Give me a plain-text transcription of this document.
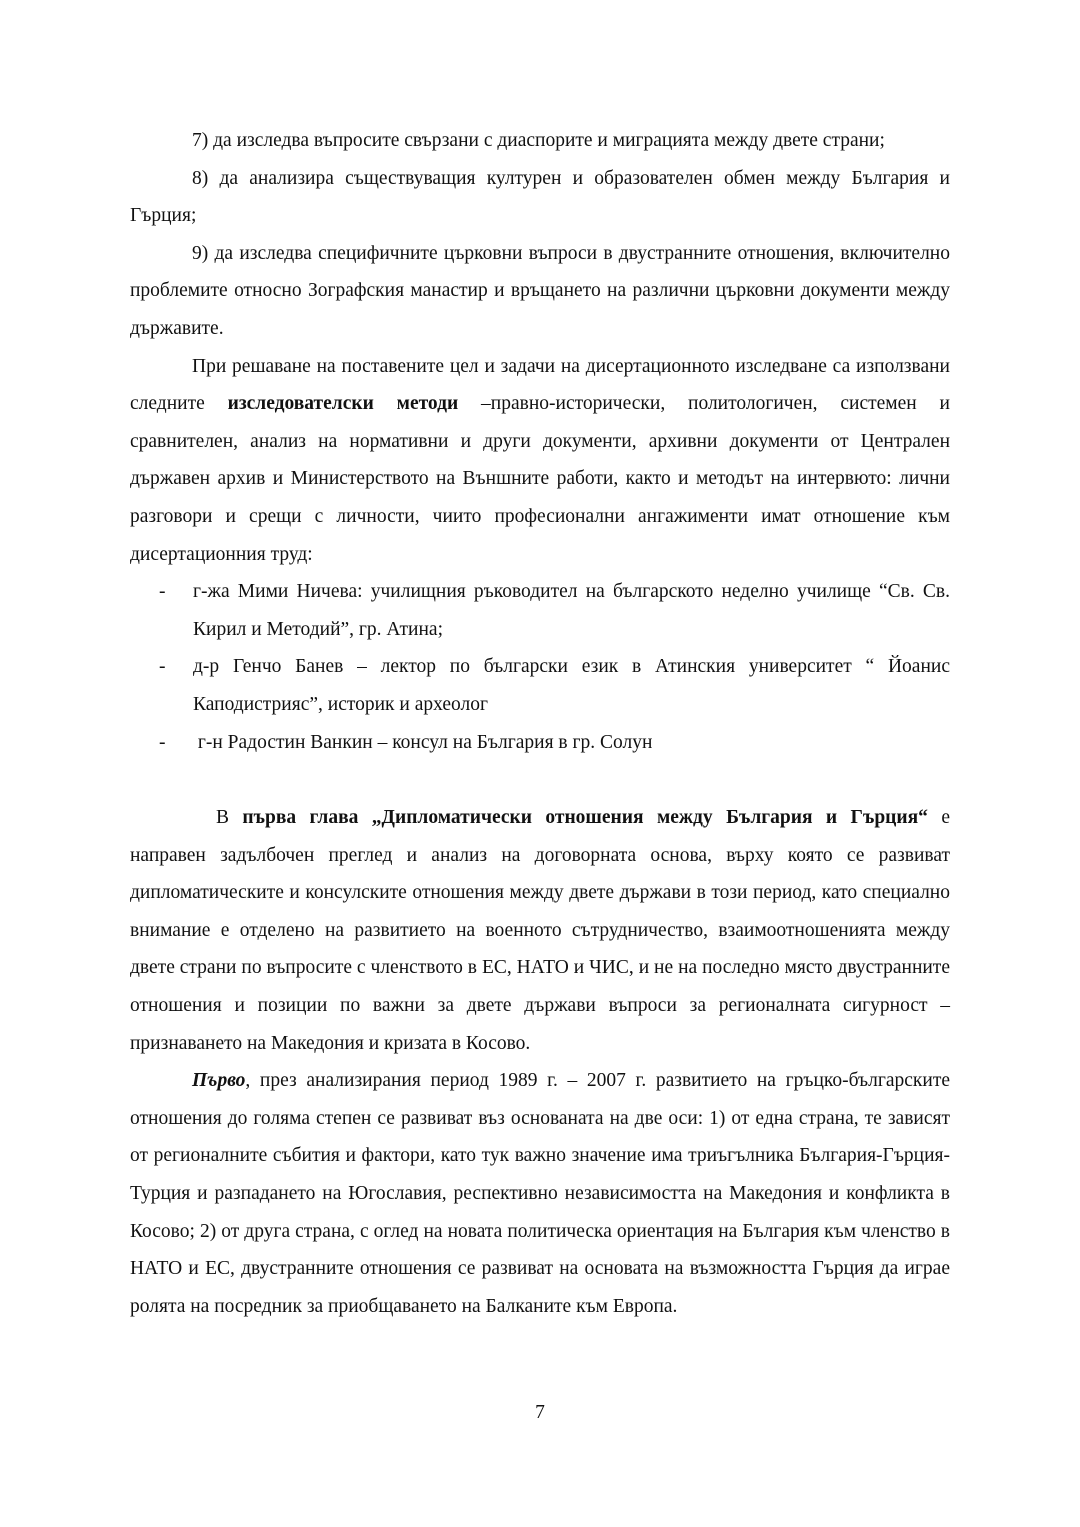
7) да изследва въпросите свързани с диаспорите и миграцията между двете страни;

8) да анализира съществуващия културен и образователен обмен между България и Гърция;

9) да изследва специфичните църковни въпроси в двустранните отношения, включително проблемите относно Зографския манастир и връщането на различни църковни документи между държавите.

При решаване на поставените цел и задачи на дисертационното изследване са използвани следните изследователски методи –правно-исторически, политологичен, системен и сравнителен, анализ на нормативни и други документи, архивни документи от Централен държавен архив и Министерството на Външните работи, както и методът на интервюто: лични разговори и срещи с личности, чиито професионални ангажименти имат отношение към дисертационния труд:

- г-жа Мими Ничева: училищния ръководител на българското неделно училище “Св. Св. Кирил и Методий”, гр. Атина;
- д-р Генчо Банев – лектор по български език в Атинския университет “ Йоанис Каподистрияс”, историк и археолог
- г-н Радостин Ванкин – консул на България в гр. Солун

В първа глава „Дипломатически отношения между България и Гърция“ е направен задълбочен преглед и анализ на договорната основа, върху която се развиват дипломатическите и консулските отношения между двете държави в този период, като специално внимание е отделено на развитието на военното сътрудничество, взаимоотношенията между двете страни по въпросите с членството в ЕС, НАТО и ЧИС, и не на последно място двустранните отношения и позиции по важни за двете държави въпроси за регионалната сигурност – признаването на Македония и кризата в Косово.

Първо, през анализирания период 1989 г. – 2007 г. развитието на гръцко-българските отношения до голяма степен се развиват въз основаната на две оси: 1) от една страна, те зависят от регионалните събития и фактори, като тук важно значение има триъгълника България-Гърция-Турция и разпадането на Югославия, респективно независимостта на Македония и конфликта в Косово; 2) от друга страна, с оглед на новата политическа ориентация на България към членство в НАТО и ЕС, двустранните отношения се развиват на основата на възможността Гърция да играе ролята на посредник за приобщаването на Балканите към Европа.

7
